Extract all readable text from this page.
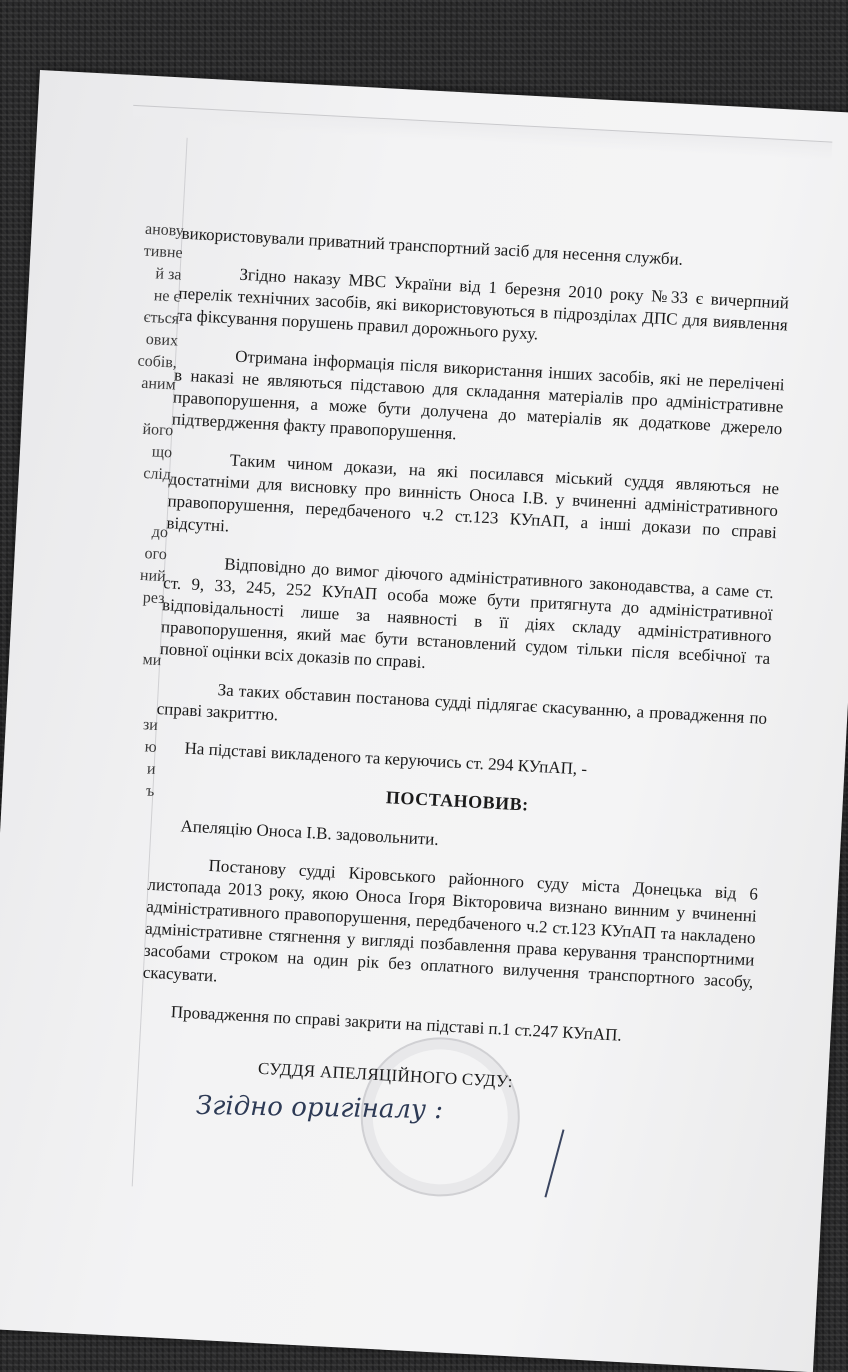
анову
тивне
й за
не є
ється
ових
собів,
аним
його
що
слід
до
ого
ний
рез
ми
зи
ю
и
ъ

використовували приватний транспортний засіб для несення служби.

Згідно наказу МВС України від 1 березня 2010 року №33 є вичерпний перелік технічних засобів, які використовуються в підрозділах ДПС для виявлення та фіксування порушень правил дорожнього руху.

Отримана інформація після використання інших засобів, які не перелічені в наказі не являються підставою для складання матеріалів про адміністративне правопорушення, а може бути долучена до матеріалів як додаткове джерело підтвердження факту правопорушення.

Таким чином докази, на які посилався міський суддя являються не достатніми для висновку про винність Оноса І.В. у вчиненні адміністративного правопорушення, передбаченого ч.2 ст.123 КУпАП, а інші докази по справі відсутні.

Відповідно до вимог діючого адміністративного законодавства, а саме ст. ст. 9, 33, 245, 252 КУпАП особа може бути притягнута до адміністративної відповідальності лише за наявності в її діях складу адміністративного правопорушення, який має бути встановлений судом тільки після всебічної та повної оцінки всіх доказів по справі.

За таких обставин постанова судді підлягає скасуванню, а провадження по справі закриттю.

На підставі викладеного та керуючись ст. 294 КУпАП, -

ПОСТАНОВИВ:

Апеляцію Оноса І.В. задовольнити.

Постанову судді Кіровського районного суду міста Донецька від 6 листопада 2013 року, якою Оноса Ігоря Вікторовича визнано винним у вчиненні адміністративного правопорушення, передбаченого ч.2 ст.123 КУпАП та накладено адміністративне стягнення у вигляді позбавлення права керування транспортними засобами строком на один рік без оплатного вилучення транспортного засобу, скасувати.

Провадження по справі закрити на підставі п.1 ст.247 КУпАП.

СУДДЯ АПЕЛЯЦІЙНОГО СУДУ:
Згідно оригіналу :
